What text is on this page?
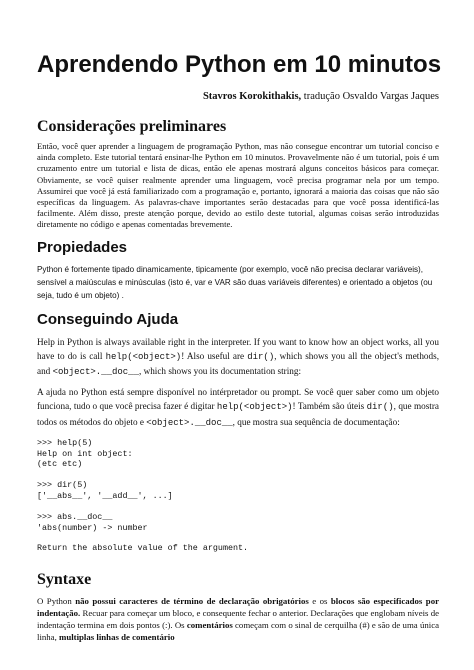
Aprendendo Python em 10 minutos
Stavros Korokithakis, tradução Osvaldo Vargas Jaques
Considerações preliminares

Então, você quer aprender a linguagem de programação Python, mas não consegue encontrar um tutorial conciso e ainda completo. Este tutorial tentará ensinar-lhe Python em 10 minutos. Provavelmente não é um tutorial, pois é um cruzamento entre um tutorial e lista de dicas, então ele apenas mostrará alguns conceitos básicos para começar. Obviamente, se você quiser realmente aprender uma linguagem, você precisa programar nela por um tempo. Assumirei que você já está familiarizado com a programação e, portanto, ignorará a maioria das coisas que não são específicas da linguagem. As palavras-chave importantes serão destacadas para que você possa identificá-las facilmente. Além disso, preste atenção porque, devido ao estilo deste tutorial, algumas coisas serão introduzidas diretamente no código e apenas comentadas brevemente.

Propiedades

Python é fortemente tipado dinamicamente, tipicamente (por exemplo, você não precisa declarar variáveis), sensível a maiúsculas e minúsculas (isto é, var e VAR são duas variáveis diferentes) e orientado a objetos (ou seja, tudo é um objeto) .

Conseguindo Ajuda

Help in Python is always available right in the interpreter. If you want to know how an object works, all you have to do is call help(<object>)! Also useful are dir(), which shows you all the object's methods, and <object>.__doc__, which shows you its documentation string:

A ajuda no Python está sempre disponível no intérpretador ou prompt. Se você quer saber como um objeto funciona, tudo o que você precisa fazer é digitar help(<object>)! Também são úteis dir(), que mostra todos os métodos do objeto e <object>.__doc__, que mostra sua sequência de documentação:

>>> help(5)
Help on int object:
(etc etc)
>>> dir(5)
['__abs__', '__add__', ...]
>>> abs.__doc__
'abs(number) -> number
Return the absolute value of the argument.
Syntaxe

O Python não possui caracteres de término de declaração obrigatórios e os blocos são especificados por indentação. Recuar para começar um bloco, e consequente fechar o anterior. Declarações que englobam níveis de indentação termina em dois pontos (:). Os comentários começam com o sinal de cerquilha (#) e são de uma única linha, multiplas linhas de comentário
